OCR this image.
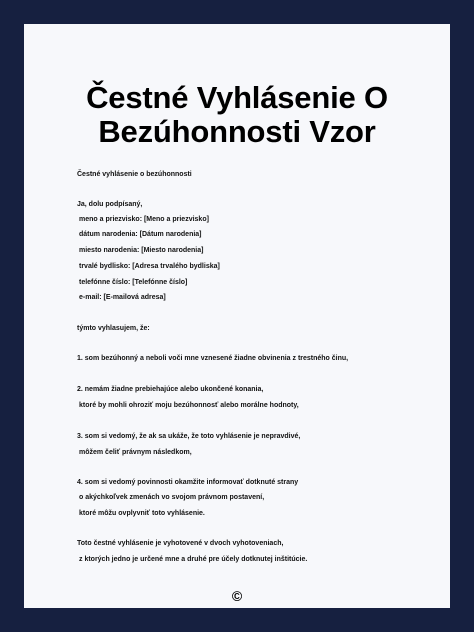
Čestné Vyhlásenie O
Bezúhonnosti Vzor
Čestné vyhlásenie o bezúhonnosti
Ja, dolu podpísaný,
meno a priezvisko: [Meno a priezvisko]
dátum narodenia: [Dátum narodenia]
miesto narodenia: [Miesto narodenia]
trvalé bydlisko: [Adresa trvalého bydliska]
telefónne číslo: [Telefónne číslo]
e-mail: [E-mailová adresa]
týmto vyhlasujem, že:
1. som bezúhonný a neboli voči mne vznesené žiadne obvinenia z trestného činu,
2. nemám žiadne prebiehajúce alebo ukončené konania,
ktoré by mohli ohroziť moju bezúhonnosť alebo morálne hodnoty,
3. som si vedomý, že ak sa ukáže, že toto vyhlásenie je nepravdivé,
môžem čeliť právnym následkom,
4. som si vedomý povinnosti okamžite informovať dotknuté strany
o akýchkoľvek zmenách vo svojom právnom postavení,
ktoré môžu ovplyvniť toto vyhlásenie.
Toto čestné vyhlásenie je vyhotovené v dvoch vyhotoveniach,
z ktorých jedno je určené mne a druhé pre účely dotknutej inštitúcie.
©
